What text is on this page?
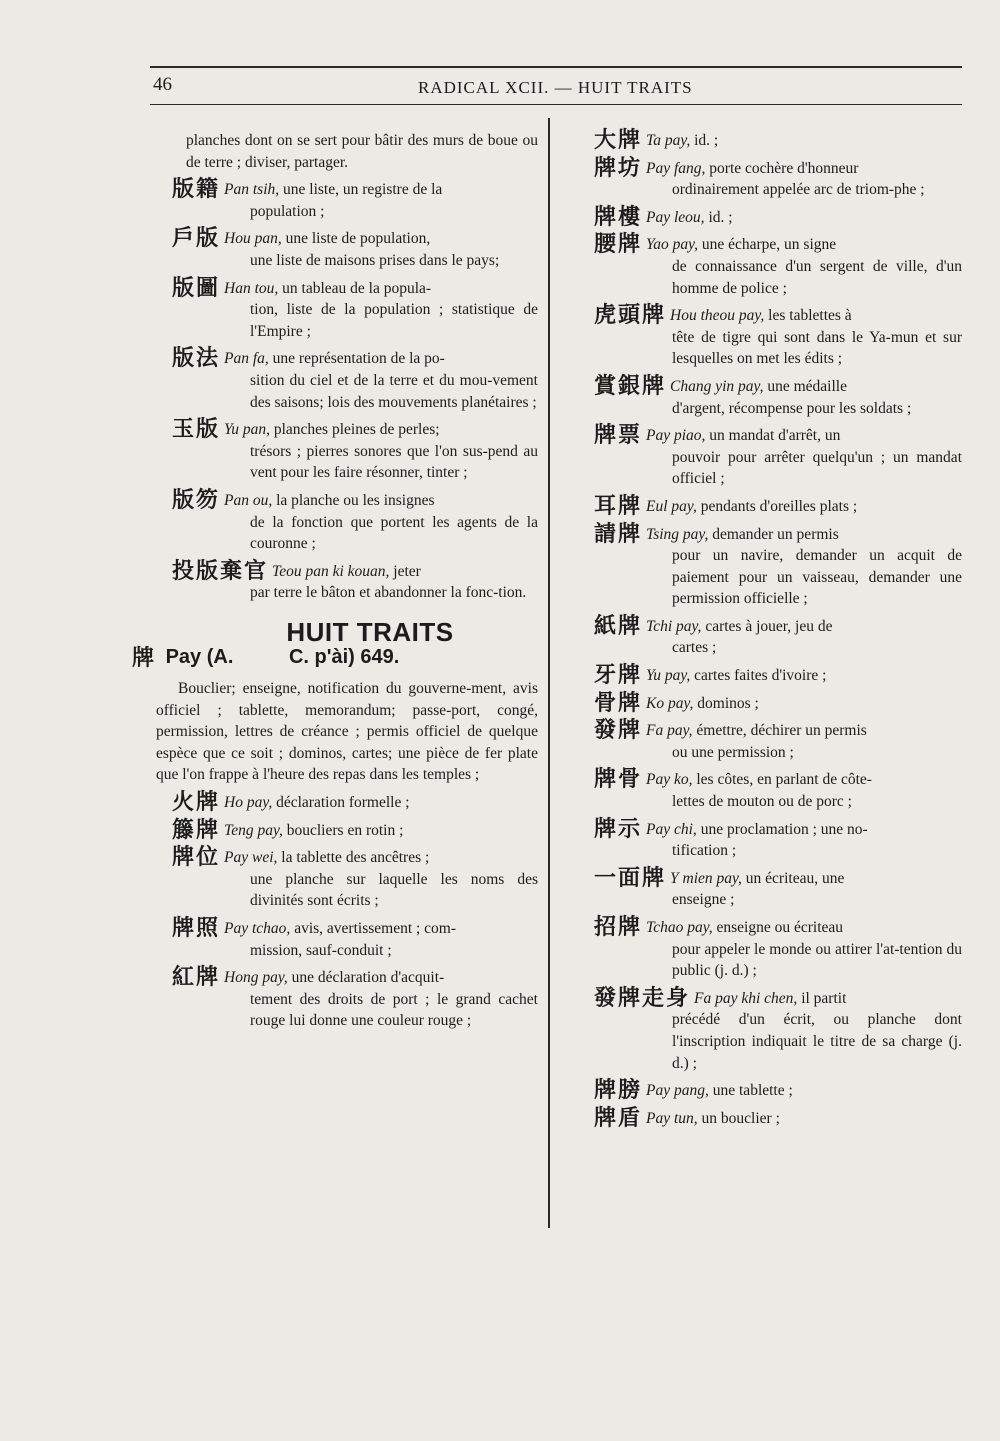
46	RADICAL XCII. — HUIT TRAITS
planches dont on se sert pour bâtir des murs de boue ou de terre ; diviser, partager.
版籍 Pan tsih, une liste, un registre de la
population ;
戶版 Hou pan, une liste de population,
une liste de maisons prises dans le pays;
版圖 Han tou, un tableau de la popula-
tion, liste de la population ; statistique de l'Empire ;
版法 Pan fa, une représentation de la po-
sition du ciel et de la terre et du mou-vement des saisons; lois des mouvements planétaires ;
玉版 Yu pan, planches pleines de perles;
trésors ; pierres sonores que l'on sus-pend au vent pour les faire résonner, tinter ;
版笏 Pan ou, la planche ou les insignes
de la fonction que portent les agents de la couronne ;
投版棄官 Teou pan ki kouan, jeter
par terre le bâton et abandonner la fonc-tion.
HUIT TRAITS
牌 Pay (A.          C. p'ài) 649.
Bouclier; enseigne, notification du gouverne-ment, avis officiel ; tablette, memorandum; passe-port, congé, permission, lettres de créance ; permis officiel de quelque espèce que ce soit ; dominos, cartes; une pièce de fer plate que l'on frappe à l'heure des repas dans les temples ;
火牌 Ho pay, déclaration formelle ;
籐牌 Teng pay, boucliers en rotin ;
牌位 Pay wei, la tablette des ancêtres ;
une planche sur laquelle les noms des divinités sont écrits ;
牌照 Pay tchao, avis, avertissement ; com-
mission, sauf-conduit ;
紅牌 Hong pay, une déclaration d'acquit-
tement des droits de port ; le grand cachet rouge lui donne une couleur rouge ;
大牌 Ta pay, id. ;
牌坊 Pay fang, porte cochère d'honneur
ordinairement appelée arc de triom-phe ;
牌樓 Pay leou, id. ;
腰牌 Yao pay, une écharpe, un signe
de connaissance d'un sergent de ville, d'un homme de police ;
虎頭牌 Hou theou pay, les tablettes à
tête de tigre qui sont dans le Ya-mun et sur lesquelles on met les édits ;
賞銀牌 Chang yin pay, une médaille
d'argent, récompense pour les soldats ;
牌票 Pay piao, un mandat d'arrêt, un
pouvoir pour arrêter quelqu'un ; un mandat officiel ;
耳牌 Eul pay, pendants d'oreilles plats ;
請牌 Tsing pay, demander un permis
pour un navire, demander un acquit de paiement pour un vaisseau, demander une permission officielle ;
紙牌 Tchi pay, cartes à jouer, jeu de
cartes ;
牙牌 Yu pay, cartes faites d'ivoire ;
骨牌 Ko pay, dominos ;
發牌 Fa pay, émettre, déchirer un permis
ou une permission ;
牌骨 Pay ko, les côtes, en parlant de côte-
lettes de mouton ou de porc ;
牌示 Pay chi, une proclamation ; une no-
tification ;
一面牌 Y mien pay, un écriteau, une
enseigne ;
招牌 Tchao pay, enseigne ou écriteau
pour appeler le monde ou attirer l'at-tention du public (j. d.) ;
發牌走身 Fa pay khi chen, il partit
précédé d'un écrit, ou planche dont l'inscription indiquait le titre de sa charge (j. d.) ;
牌膀 Pay pang, une tablette ;
牌盾 Pay tun, un bouclier ;
